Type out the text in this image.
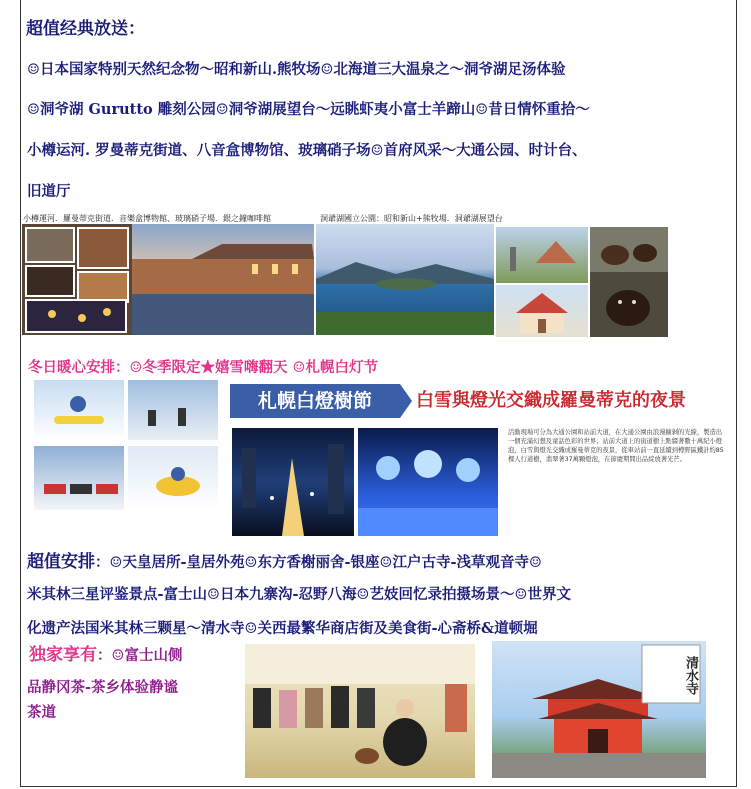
超值经典放送：
☺日本国家特别天然纪念物～昭和新山.熊牧场☺北海道三大温泉之～洞爷湖足汤体验
☺洞爷湖 Gurutto 雕刻公园☺洞爷湖展望台～远眺虾夷小富士羊蹄山☺昔日情怀重拾～
小樽运河. 罗曼蒂克街道、八音盒博物馆、玻璃硝子场☺首府风采～大通公园、时计台、
旧道厅
小樽運河．羅曼蒂克街道．音樂盒博物館、玻璃硝子場．銀之鐘咖啡館	洞爺湖國立公園：昭和新山+熊牧場．洞爺湖展望台
冬日暖心安排：☺冬季限定★嬉雪嗨翻天 ☺札幌白灯节
札幌白燈樹節	白雪與燈光交織成羅曼蒂克的夜景
活動現場可分為大通公園和站前大道，在大通公園由浪漫擴剝的光線，製造出一個充滿幻想及童話色彩的世界；站前大道上的街道樹上點綴著數十萬紀小燈泡，白雪與燈光交織成羅曼蒂克的夜景，從車站前一直延續到樽野區鐵計約85棵人行道樹，翡翠著37萬顆燈泡，在節慶期間出品綻放著光芒。
超值安排：☺天皇居所-皇居外苑☺东方香榭丽舍-银座☺江户古寺-浅草观音寺☺
米其林三星评鉴景点-富士山☺日本九寨沟-忍野八海☺艺妓回忆录拍摄场景～☺世界文
化遗产法国米其林三颗星～清水寺☺关西最繁华商店街及美食街-心斋桥&道顿堀
独家享有：☺富士山侧
品静冈茶-茶乡体验静谧
茶道
清水寺
